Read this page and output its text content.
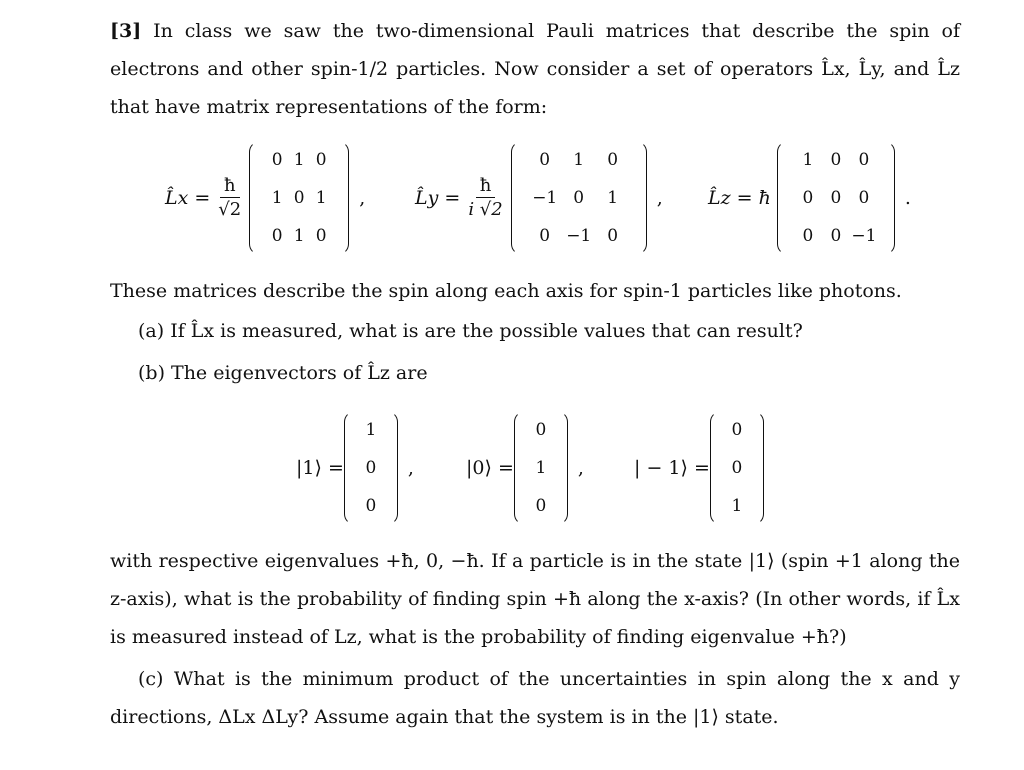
[3] In class we saw the two-dimensional Pauli matrices that describe the spin of electrons and other spin-1/2 particles. Now consider a set of operators L̂x, L̂y, and L̂z that have matrix representations of the form:
L̂x = $\frac{ħ}{√2}$
0 1 0
1 0 1
0 1 0
,	L̂y = $\frac{ħ}{i √2}$
0	1	0
−1 0	1
0 −1 0
, L̂z = ħ
1	0	0
0	0	0
0	0 −1
.
These matrices describe the spin along each axis for spin-1 particles like photons.
(a) If L̂x is measured, what is are the possible values that can result?
(b) The eigenvectors of L̂z are
|1⟩ =
1
0
0
,	|0⟩ =
0
1
0
,	| − 1⟩ =
0
0
1
with respective eigenvalues +ħ, 0, −ħ. If a particle is in the state |1⟩ (spin +1 along the z-axis), what is the probability of finding spin +ħ along the x-axis? (In other words, if L̂x is measured instead of Lz, what is the probability of finding eigenvalue +ħ?)
(c) What is the minimum product of the uncertainties in spin along the x and y directions, ΔLx ΔLy? Assume again that the system is in the |1⟩ state.
